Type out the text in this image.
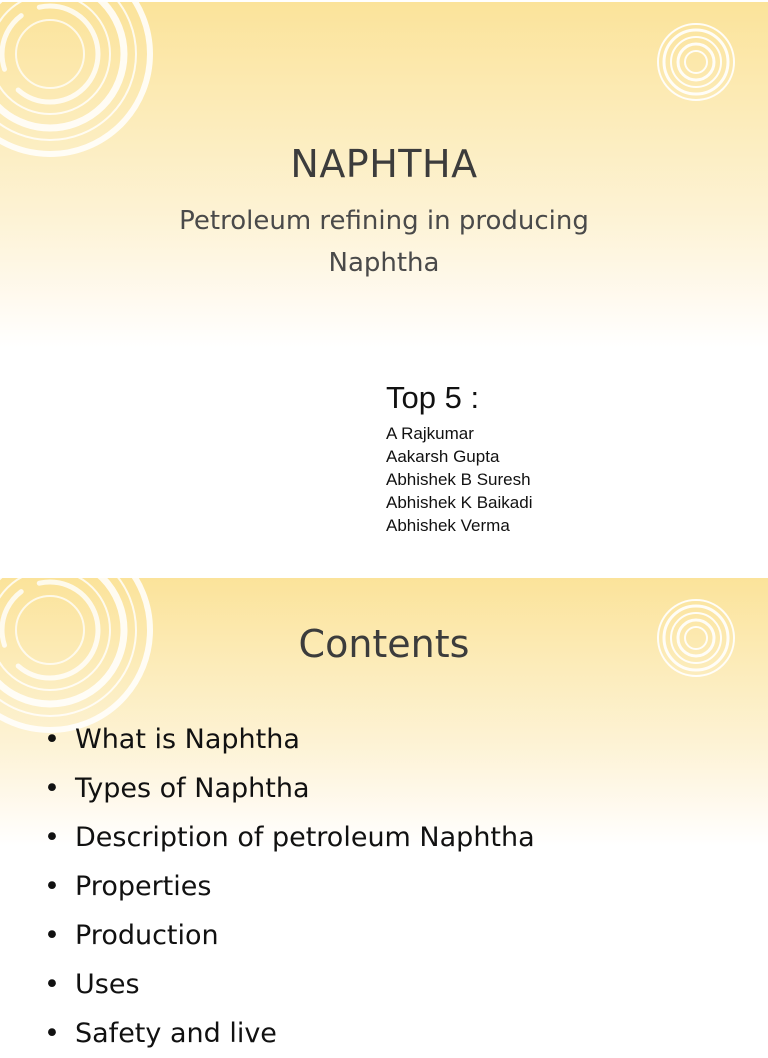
NAPHTHA
Petroleum refining in producing
Naphtha
Top 5 :
A Rajkumar
Aakarsh Gupta
Abhishek B Suresh
Abhishek K Baikadi
Abhishek Verma
Contents
• What is Naphtha
• Types of Naphtha
• Description of petroleum Naphtha
• Properties
• Production
• Uses
• Safety and live
